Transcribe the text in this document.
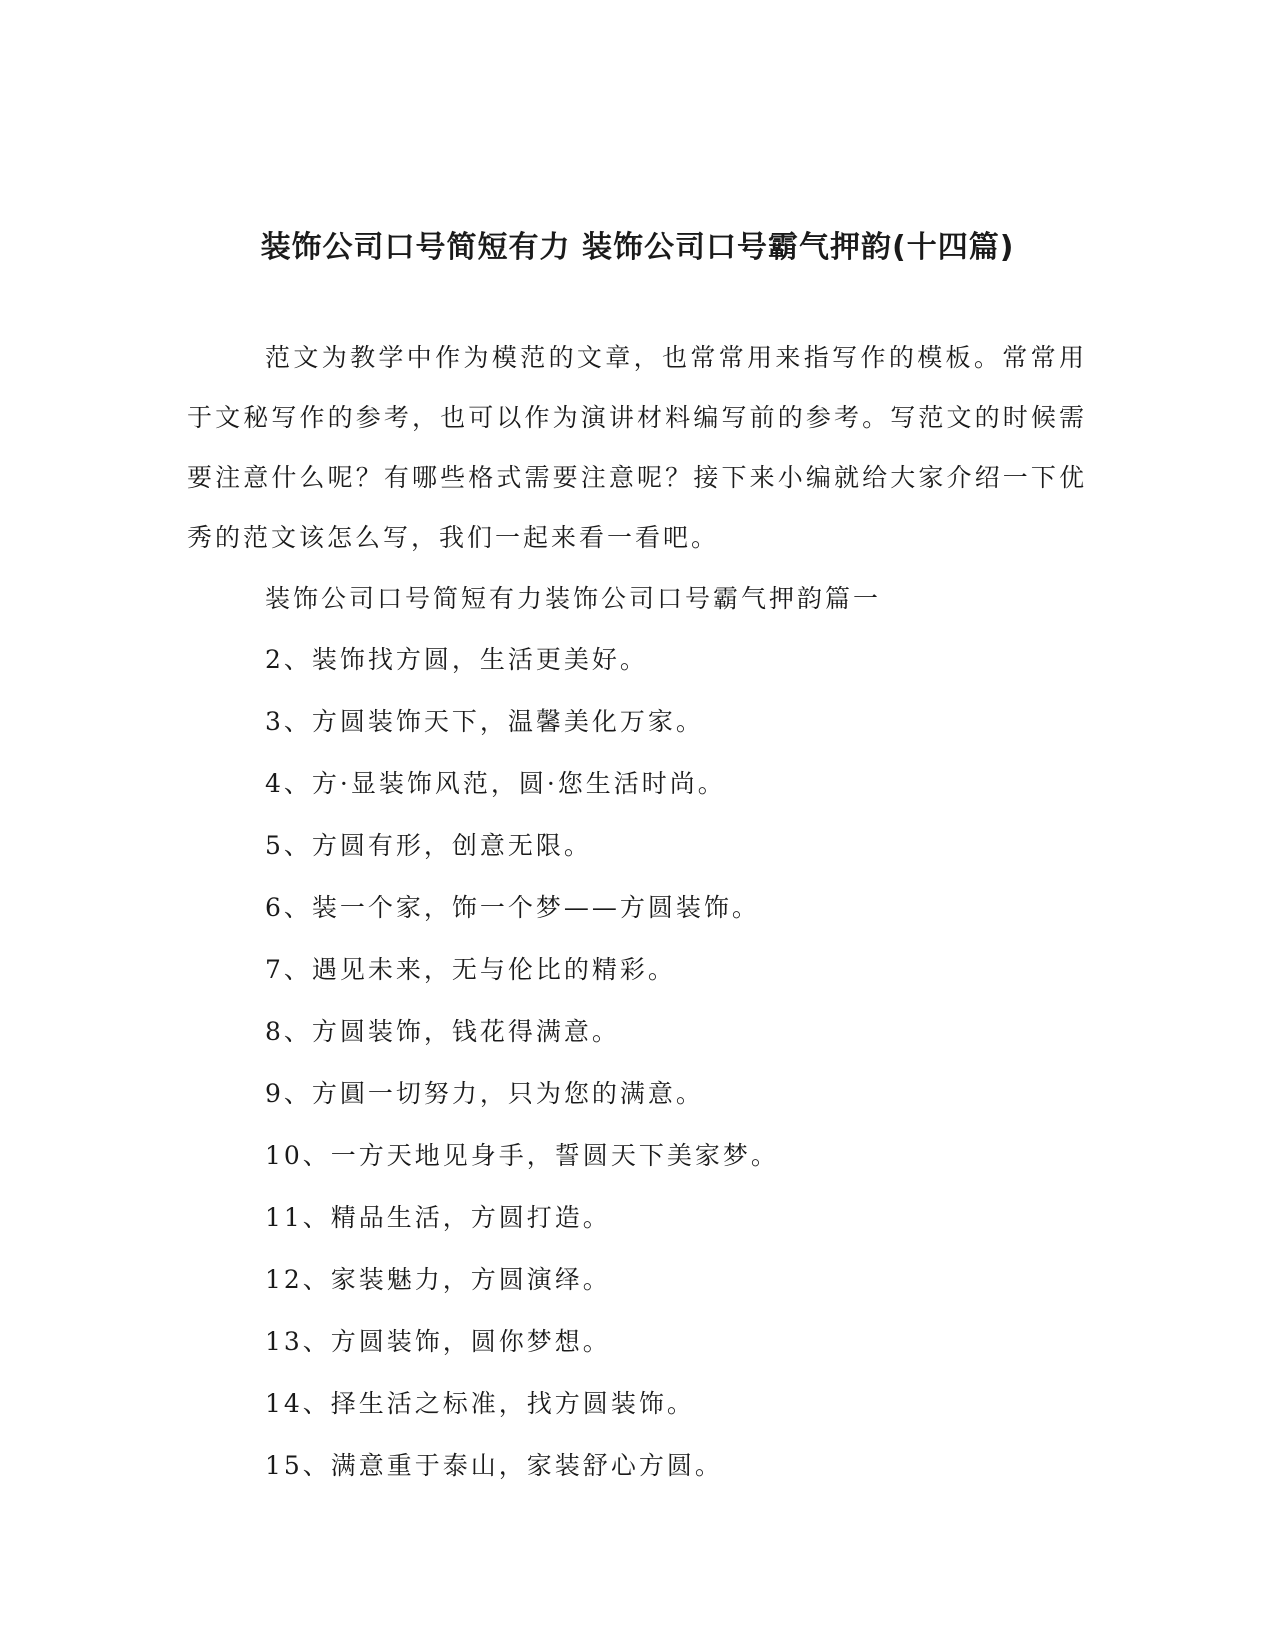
装饰公司口号简短有力 装饰公司口号霸气押韵(十四篇)

范文为教学中作为模范的文章，也常常用来指写作的模板。常常用于文秘写作的参考，也可以作为演讲材料编写前的参考。写范文的时候需要注意什么呢？有哪些格式需要注意呢？接下来小编就给大家介绍一下优秀的范文该怎么写，我们一起来看一看吧。

装饰公司口号简短有力装饰公司口号霸气押韵篇一

2、装饰找方圆，生活更美好。
3、方圆装饰天下，温馨美化万家。
4、方·显装饰风范，圆·您生活时尚。
5、方圆有形，创意无限。
6、装一个家，饰一个梦——方圆装饰。
7、遇见未来，无与伦比的精彩。
8、方圆装饰，钱花得满意。
9、方圓一切努力，只为您的满意。
10、一方天地见身手，誓圆天下美家梦。
11、精品生活，方圆打造。
12、家装魅力，方圆演绎。
13、方圆装饰，圆你梦想。
14、择生活之标准，找方圆装饰。
15、满意重于泰山，家装舒心方圆。
